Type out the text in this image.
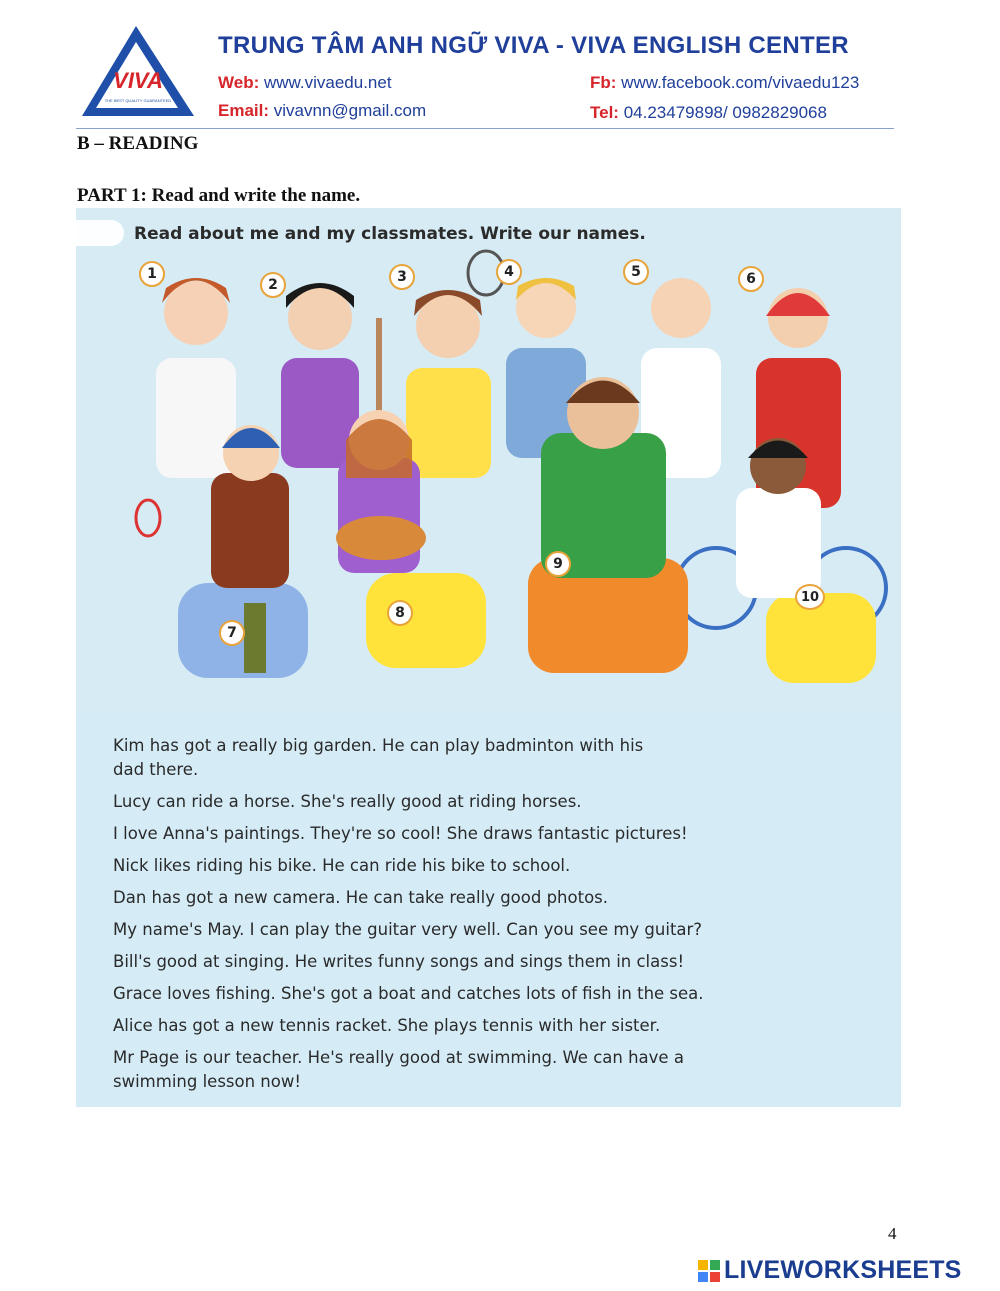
VIVA
THE BEST QUALITY GUARANTEED
TRUNG TÂM ANH NGỮ VIVA - VIVA ENGLISH CENTER
Web: www.vivaedu.net
Email: vivavnn@gmail.com
Fb: www.facebook.com/vivaedu123
Tel: 04.23479898/ 0982829068
B – READING
PART 1: Read and write the name.
Read about me and my classmates. Write our names.
1
2	3	4	5	6
7
8
9
10
Kim has got a really big garden. He can play badminton with his dad there.
Lucy can ride a horse. She's really good at riding horses.
I love Anna's paintings. They're so cool! She draws fantastic pictures!
Nick likes riding his bike. He can ride his bike to school.
Dan has got a new camera. He can take really good photos.
My name's May. I can play the guitar very well. Can you see my guitar?
Bill's good at singing. He writes funny songs and sings them in class!
Grace loves fishing. She's got a boat and catches lots of fish in the sea.
Alice has got a new tennis racket. She plays tennis with her sister.
Mr Page is our teacher. He's really good at swimming. We can have a swimming lesson now!
4
LIVEWORKSHEETS
